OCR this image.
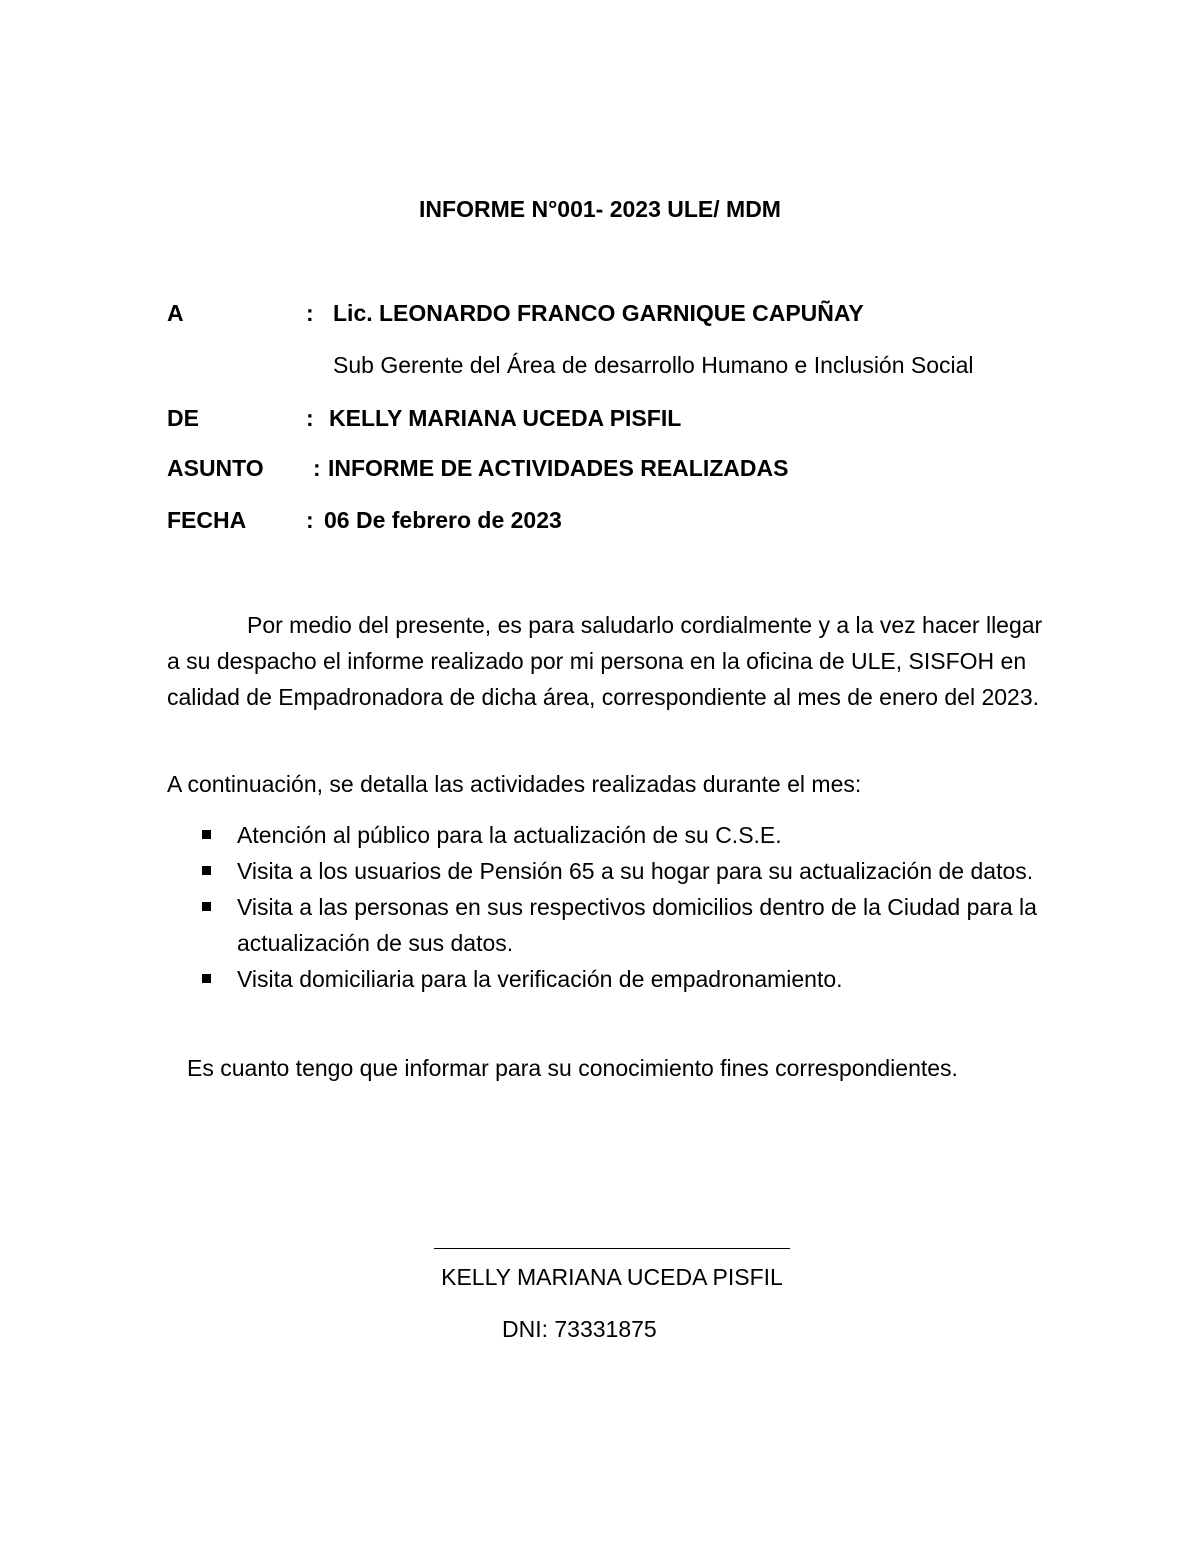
INFORME N°001- 2023 ULE/ MDM
A	: Lic. LEONARDO FRANCO GARNIQUE CAPUÑAY
Sub Gerente del Área de desarrollo Humano e Inclusión Social
DE	: KELLY MARIANA UCEDA PISFIL
ASUNTO : INFORME DE ACTIVIDADES REALIZADAS
FECHA	: 06 De febrero de 2023
Por medio del presente, es para saludarlo cordialmente y a la vez hacer llegar a su despacho el informe realizado por mi persona en la oficina de ULE, SISFOH en calidad de Empadronadora de dicha área, correspondiente al mes de enero del 2023.
A continuación, se detalla las actividades realizadas durante el mes:
Atención al público para la actualización de su C.S.E.
Visita a los usuarios de Pensión 65 a su hogar para su actualización de datos.
Visita a las personas en sus respectivos domicilios dentro de la Ciudad para la actualización de sus datos.
Visita domiciliaria para la verificación de empadronamiento.
Es cuanto tengo que informar para su conocimiento fines correspondientes.
KELLY MARIANA UCEDA PISFIL
DNI: 73331875
